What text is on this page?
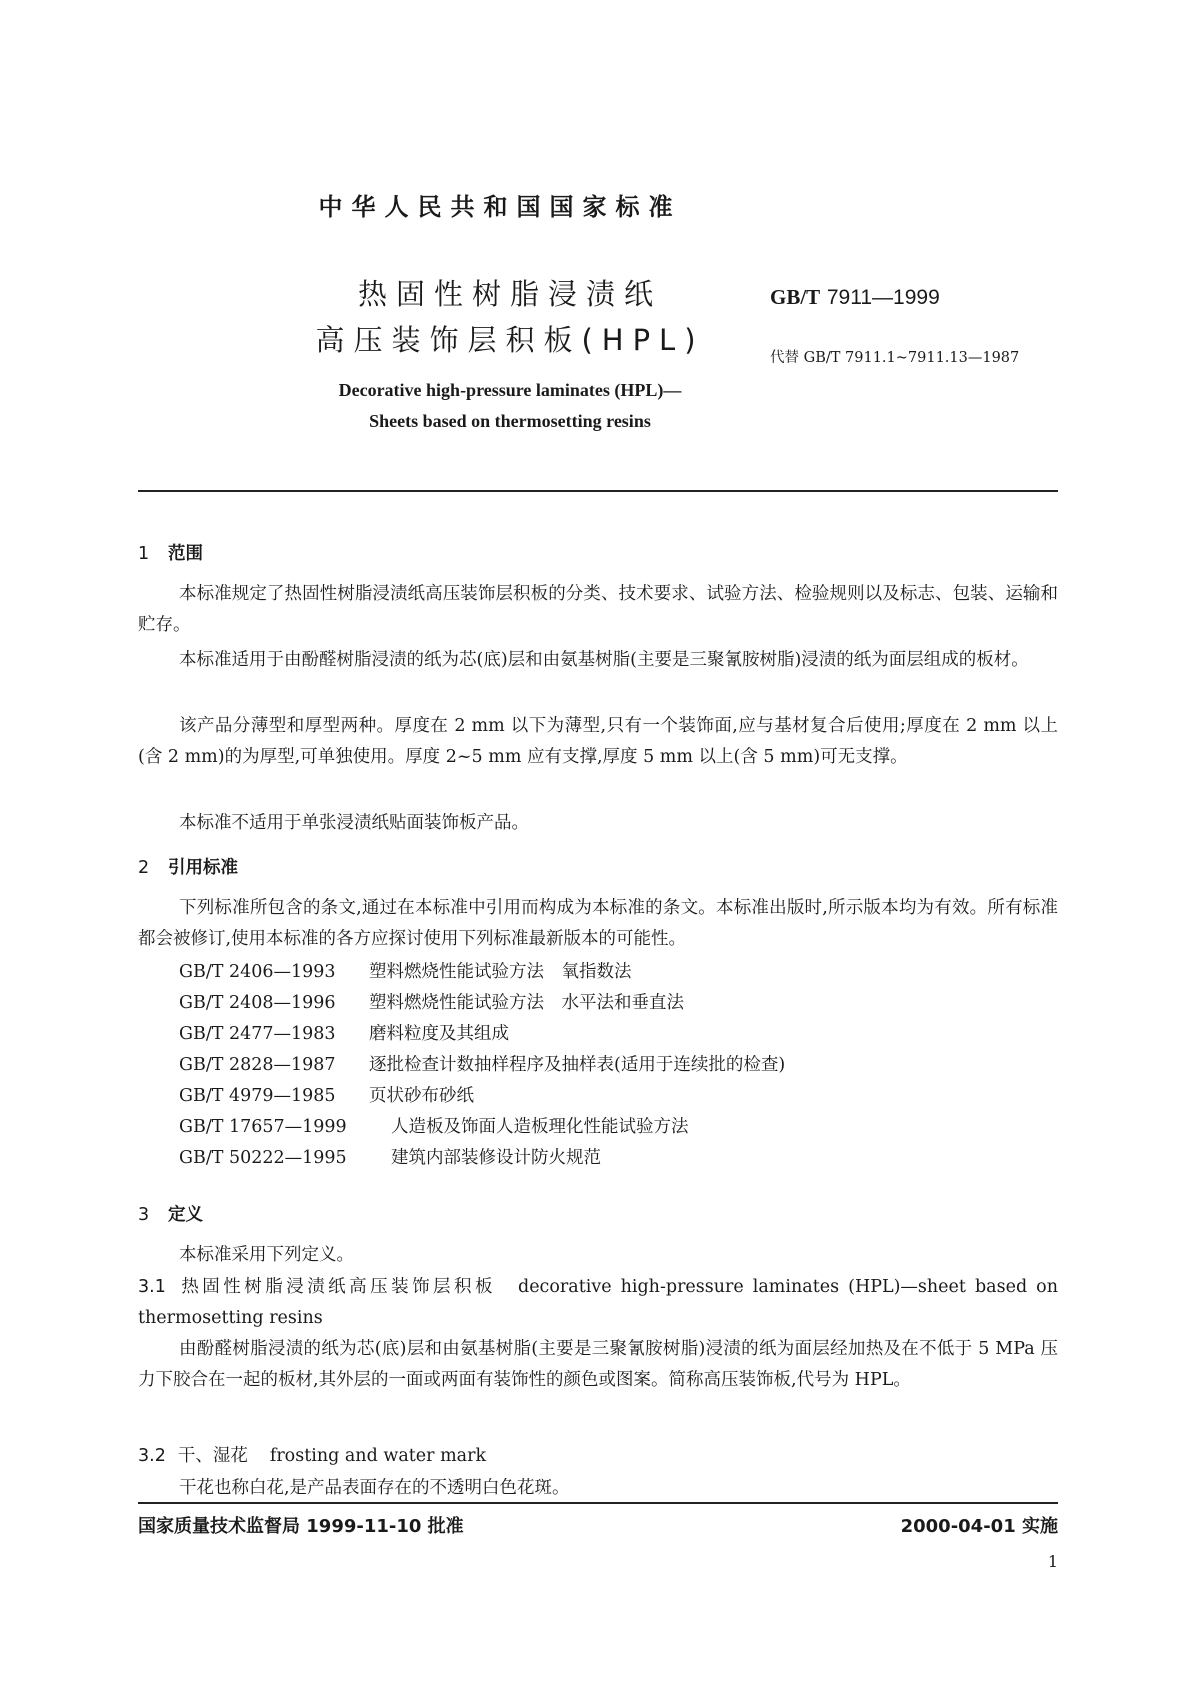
中华人民共和国国家标准
热固性树脂浸渍纸
高压装饰层积板(HPL)
GB/T 7911—1999
代替 GB/T 7911.1~7911.13—1987
Decorative high-pressure laminates (HPL)—
Sheets based on thermosetting resins
1 范围

本标准规定了热固性树脂浸渍纸高压装饰层积板的分类、技术要求、试验方法、检验规则以及标志、包装、运输和贮存。

本标准适用于由酚醛树脂浸渍的纸为芯(底)层和由氨基树脂(主要是三聚氰胺树脂)浸渍的纸为面层组成的板材。

该产品分薄型和厚型两种。厚度在 2 mm 以下为薄型,只有一个装饰面,应与基材复合后使用;厚度在 2 mm 以上(含 2 mm)的为厚型,可单独使用。厚度 2~5 mm 应有支撑,厚度 5 mm 以上(含 5 mm)可无支撑。

本标准不适用于单张浸渍纸贴面装饰板产品。

2 引用标准

下列标准所包含的条文,通过在本标准中引用而构成为本标准的条文。本标准出版时,所示版本均为有效。所有标准都会被修订,使用本标准的各方应探讨使用下列标准最新版本的可能性。

GB/T 2406—1993 塑料燃烧性能试验方法　氧指数法
GB/T 2408—1996 塑料燃烧性能试验方法　水平法和垂直法
GB/T 2477—1983 磨料粒度及其组成
GB/T 2828—1987 逐批检查计数抽样程序及抽样表(适用于连续批的检查)
GB/T 4979—1985 页状砂布砂纸
GB/T 17657—1999	人造板及饰面人造板理化性能试验方法
GB/T 50222—1995	建筑内部装修设计防火规范
3 定义

本标准采用下列定义。

3.1 热固性树脂浸渍纸高压装饰层积板 decorative high-pressure laminates (HPL)—sheet based on thermosetting resins

由酚醛树脂浸渍的纸为芯(底)层和由氨基树脂(主要是三聚氰胺树脂)浸渍的纸为面层经加热及在不低于 5 MPa 压力下胶合在一起的板材,其外层的一面或两面有装饰性的颜色或图案。简称高压装饰板,代号为 HPL。

3.2 干、湿花 frosting and water mark

干花也称白花,是产品表面存在的不透明白色花斑。

国家质量技术监督局 1999-11-10 批准	2000-04-01 实施
1
